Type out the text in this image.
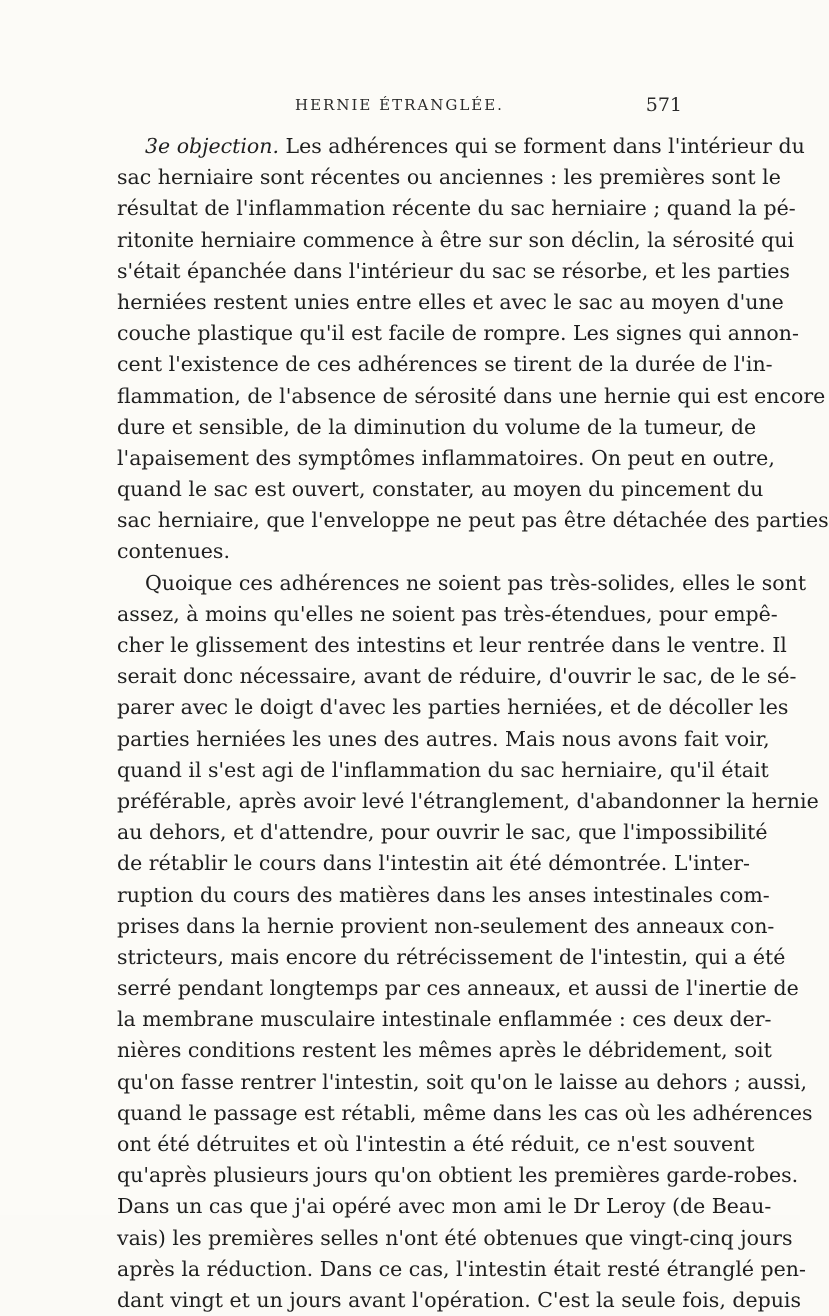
HERNIE ÉTRANGLÉE.	571
3e objection. Les adhérences qui se forment dans l'intérieur du
sac herniaire sont récentes ou anciennes : les premières sont le
résultat de l'inflammation récente du sac herniaire ; quand la pé-
ritonite herniaire commence à être sur son déclin, la sérosité qui
s'était épanchée dans l'intérieur du sac se résorbe, et les parties
herniées restent unies entre elles et avec le sac au moyen d'une
couche plastique qu'il est facile de rompre. Les signes qui annon-
cent l'existence de ces adhérences se tirent de la durée de l'in-
flammation, de l'absence de sérosité dans une hernie qui est encore
dure et sensible, de la diminution du volume de la tumeur, de
l'apaisement des symptômes inflammatoires. On peut en outre,
quand le sac est ouvert, constater, au moyen du pincement du
sac herniaire, que l'enveloppe ne peut pas être détachée des parties
contenues.
Quoique ces adhérences ne soient pas très-solides, elles le sont
assez, à moins qu'elles ne soient pas très-étendues, pour empê-
cher le glissement des intestins et leur rentrée dans le ventre. Il
serait donc nécessaire, avant de réduire, d'ouvrir le sac, de le sé-
parer avec le doigt d'avec les parties herniées, et de décoller les
parties herniées les unes des autres. Mais nous avons fait voir,
quand il s'est agi de l'inflammation du sac herniaire, qu'il était
préférable, après avoir levé l'étranglement, d'abandonner la hernie
au dehors, et d'attendre, pour ouvrir le sac, que l'impossibilité
de rétablir le cours dans l'intestin ait été démontrée. L'inter-
ruption du cours des matières dans les anses intestinales com-
prises dans la hernie provient non-seulement des anneaux con-
stricteurs, mais encore du rétrécissement de l'intestin, qui a été
serré pendant longtemps par ces anneaux, et aussi de l'inertie de
la membrane musculaire intestinale enflammée : ces deux der-
nières conditions restent les mêmes après le débridement, soit
qu'on fasse rentrer l'intestin, soit qu'on le laisse au dehors ; aussi,
quand le passage est rétabli, même dans les cas où les adhérences
ont été détruites et où l'intestin a été réduit, ce n'est souvent
qu'après plusieurs jours qu'on obtient les premières garde-robes.
Dans un cas que j'ai opéré avec mon ami le Dr Leroy (de Beau-
vais) les premières selles n'ont été obtenues que vingt-cinq jours
après la réduction. Dans ce cas, l'intestin était resté étranglé pen-
dant vingt et un jours avant l'opération. C'est la seule fois, depuis
